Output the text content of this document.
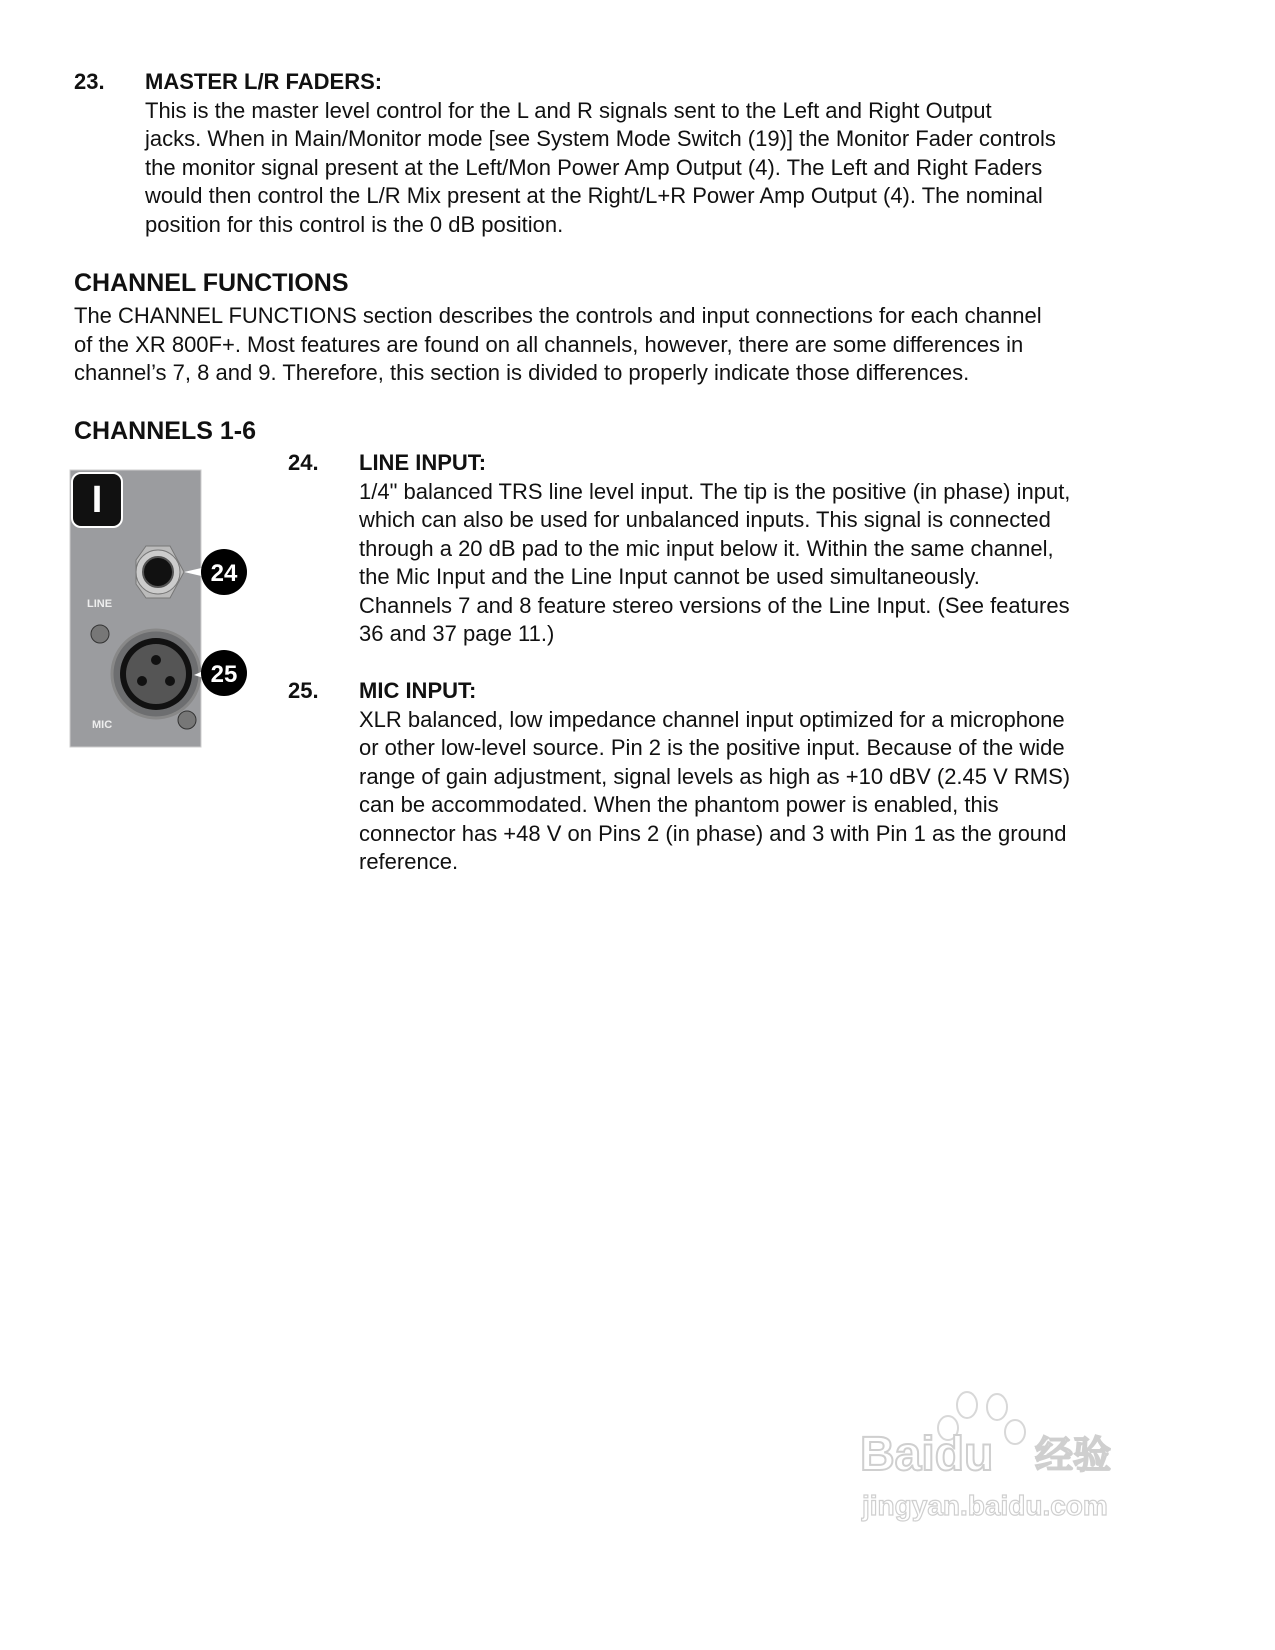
23. MASTER L/R FADERS:
This is the master level control for the L and R signals sent to the Left and Right Output
jacks. When in Main/Monitor mode [see System Mode Switch (19)] the Monitor Fader controls
the monitor signal present at the Left/Mon Power Amp Output (4). The Left and Right Faders
would then control the L/R Mix present at the Right/L+R Power Amp Output (4). The nominal
position for this control is the 0 dB position.
CHANNEL FUNCTIONS
The CHANNEL FUNCTIONS section describes the controls and input connections for each channel
of the XR 800F+. Most features are found on all channels, however, there are some differences in
channel’s 7, 8 and 9. Therefore, this section is divided to properly indicate those differences.
CHANNELS 1-6
I
LINE
MIC
24
25
24. LINE INPUT:
1/4" balanced TRS line level input. The tip is the positive (in phase) input,
which can also be used for unbalanced inputs. This signal is connected
through a 20 dB pad to the mic input below it. Within the same channel,
the Mic Input and the Line Input cannot be used simultaneously.
Channels 7 and 8 feature stereo versions of the Line Input. (See features
36 and 37 page 11.)
25. MIC INPUT:
XLR balanced, low impedance channel input optimized for a microphone
or other low-level source. Pin 2 is the positive input. Because of the wide
range of gain adjustment, signal levels as high as +10 dBV (2.45 V RMS)
can be accommodated. When the phantom power is enabled, this
connector has +48 V on Pins 2 (in phase) and 3 with Pin 1 as the ground
reference.
Baidu 经验
jingyan.baidu.com
